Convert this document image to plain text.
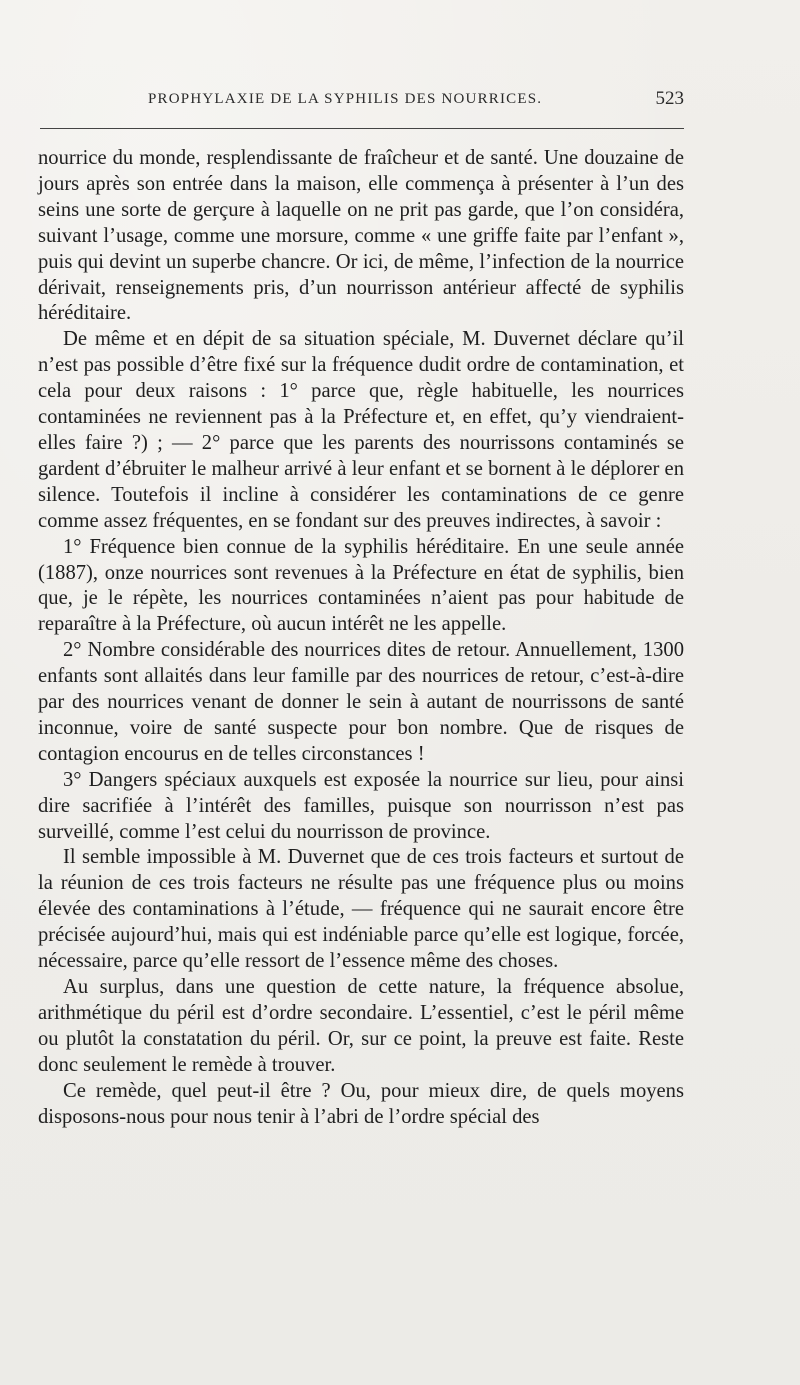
PROPHYLAXIE DE LA SYPHILIS DES NOURRICES.	523

nourrice du monde, resplendissante de fraîcheur et de santé. Une douzaine de jours après son entrée dans la maison, elle commença à présenter à l’un des seins une sorte de gerçure à laquelle on ne prit pas garde, que l’on considéra, suivant l’usage, comme une morsure, comme « une griffe faite par l’enfant », puis qui devint un superbe chancre. Or ici, de même, l’infection de la nourrice dérivait, renseignements pris, d’un nourrisson antérieur affecté de syphilis héréditaire.

De même et en dépit de sa situation spéciale, M. Duvernet déclare qu’il n’est pas possible d’être fixé sur la fréquence dudit ordre de contamination, et cela pour deux raisons : 1° parce que, règle habituelle, les nourrices contaminées ne reviennent pas à la Préfecture et, en effet, qu’y viendraient-elles faire ?) ; — 2° parce que les parents des nourrissons contaminés se gardent d’ébruiter le malheur arrivé à leur enfant et se bornent à le déplorer en silence. Toutefois il incline à considérer les contaminations de ce genre comme assez fréquentes, en se fondant sur des preuves indirectes, à savoir :

1° Fréquence bien connue de la syphilis héréditaire. En une seule année (1887), onze nourrices sont revenues à la Préfecture en état de syphilis, bien que, je le répète, les nourrices contaminées n’aient pas pour habitude de reparaître à la Préfecture, où aucun intérêt ne les appelle.

2° Nombre considérable des nourrices dites de retour. Annuellement, 1300 enfants sont allaités dans leur famille par des nourrices de retour, c’est-à-dire par des nourrices venant de donner le sein à autant de nourrissons de santé inconnue, voire de santé suspecte pour bon nombre. Que de risques de contagion encourus en de telles circonstances !

3° Dangers spéciaux auxquels est exposée la nourrice sur lieu, pour ainsi dire sacrifiée à l’intérêt des familles, puisque son nourrisson n’est pas surveillé, comme l’est celui du nourrisson de province.

Il semble impossible à M. Duvernet que de ces trois facteurs et surtout de la réunion de ces trois facteurs ne résulte pas une fréquence plus ou moins élevée des contaminations à l’étude, — fréquence qui ne saurait encore être précisée aujourd’hui, mais qui est indéniable parce qu’elle est logique, forcée, nécessaire, parce qu’elle ressort de l’essence même des choses.

Au surplus, dans une question de cette nature, la fréquence absolue, arithmétique du péril est d’ordre secondaire. L’essentiel, c’est le péril même ou plutôt la constatation du péril. Or, sur ce point, la preuve est faite. Reste donc seulement le remède à trouver.

Ce remède, quel peut-il être ? Ou, pour mieux dire, de quels moyens disposons-nous pour nous tenir à l’abri de l’ordre spécial des
